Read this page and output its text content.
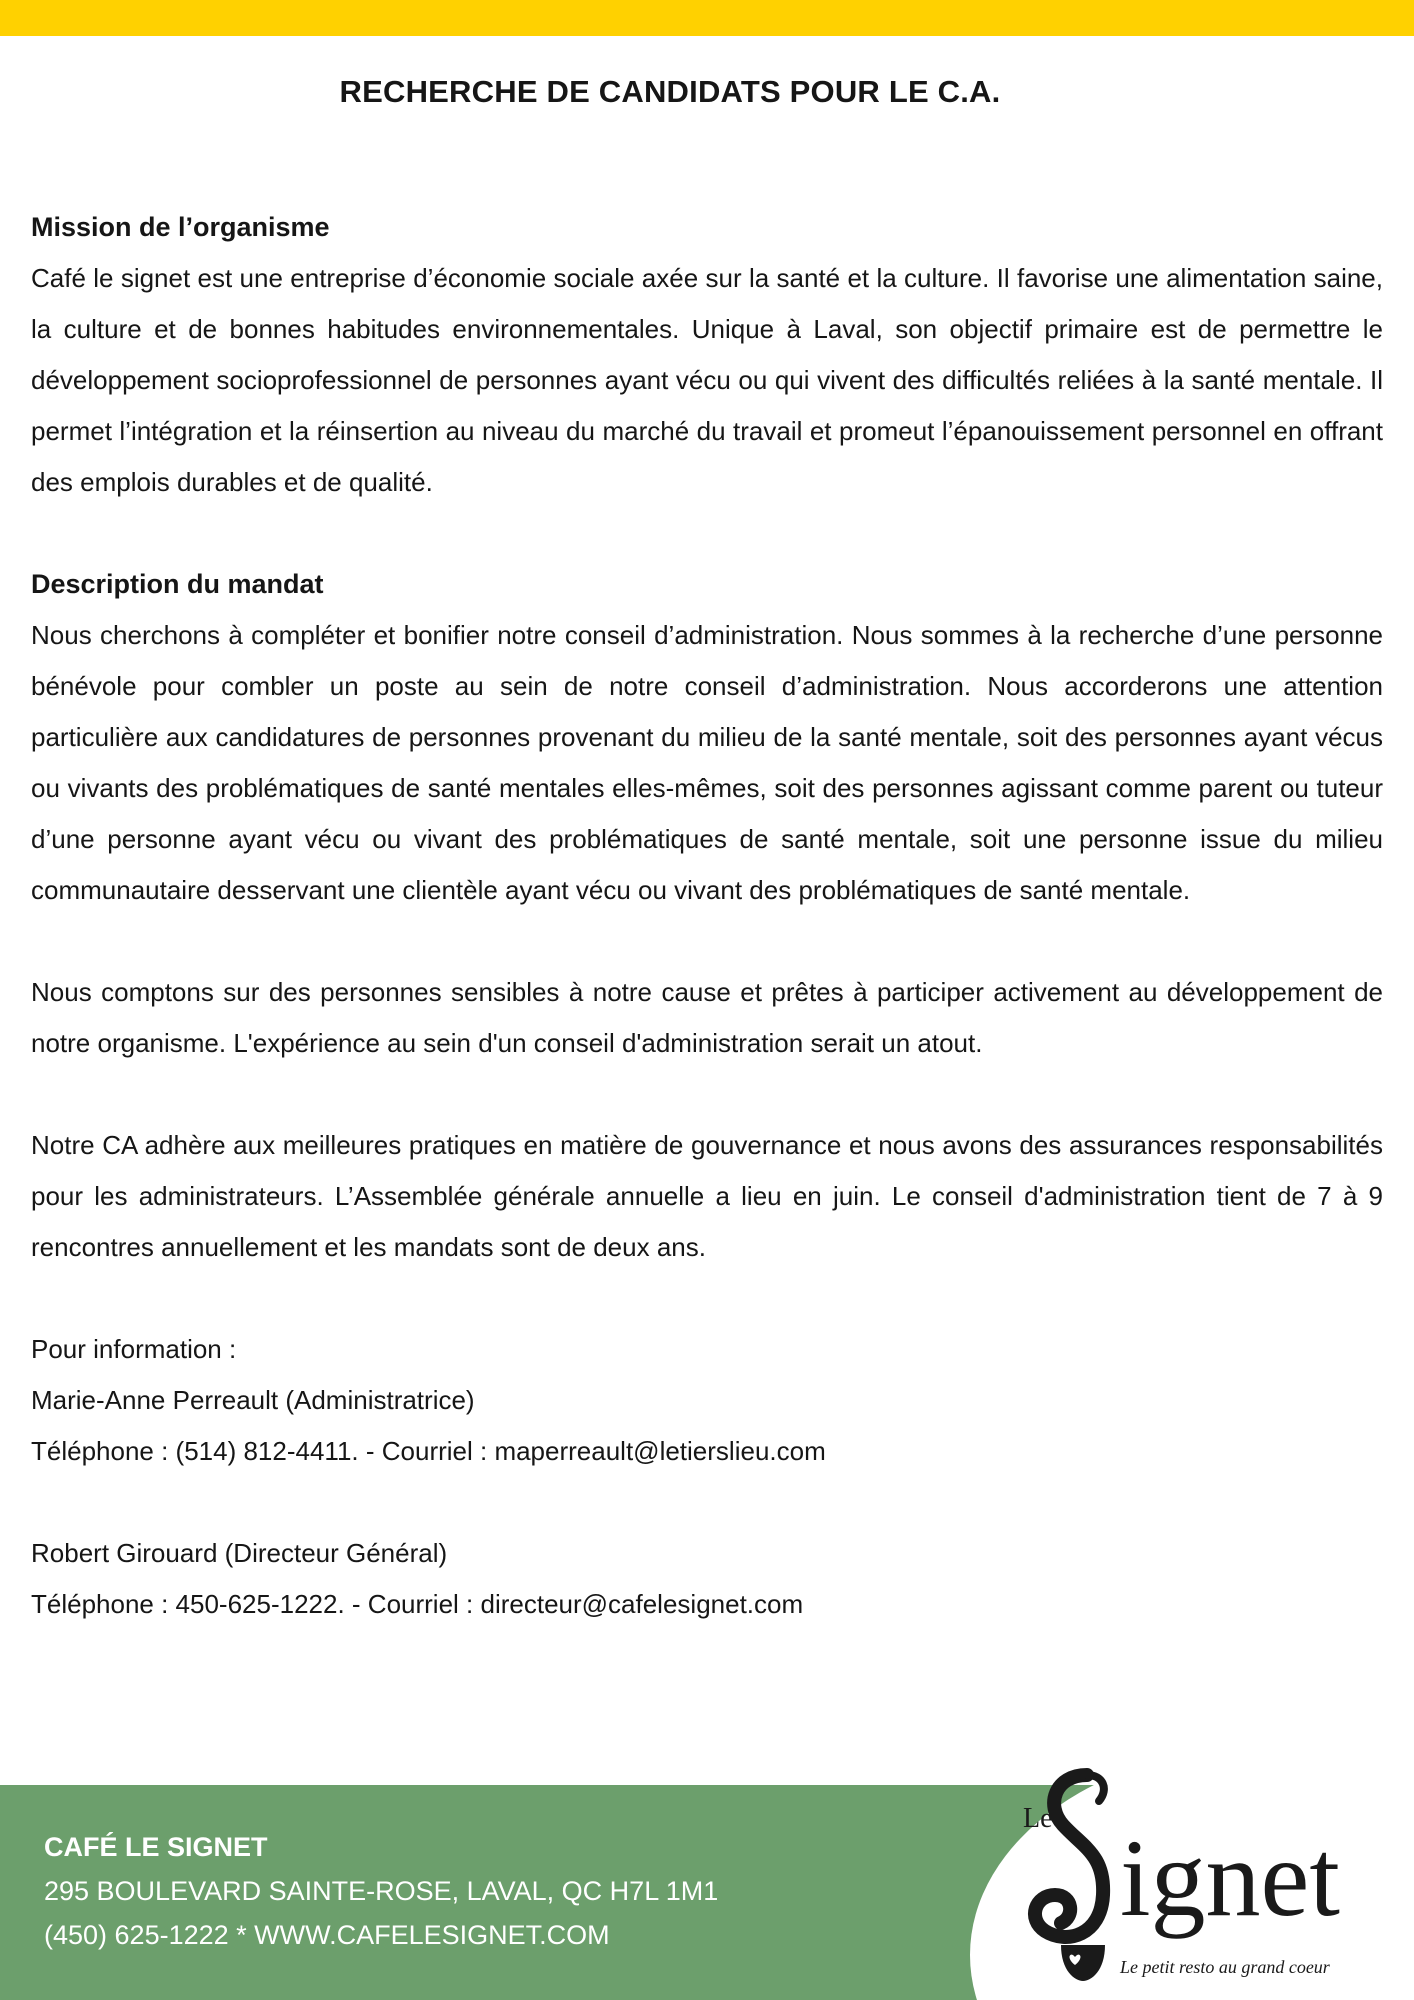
RECHERCHE DE CANDIDATS POUR LE C.A.
Mission de l’organisme

Café le signet est une entreprise d’économie sociale axée sur la santé et la culture. Il favorise une alimentation saine, la culture et de bonnes habitudes environnementales. Unique à Laval, son objectif primaire est de permettre le développement socioprofessionnel de personnes ayant vécu ou qui vivent des difficultés reliées à la santé mentale. Il permet l’intégration et la réinsertion au niveau du marché du travail et promeut l’épanouissement personnel en offrant des emplois durables et de qualité.

Description du mandat

Nous cherchons à compléter et bonifier notre conseil d’administration. Nous sommes à la recherche d’une personne bénévole pour combler un poste au sein de notre conseil d’administration. Nous accorderons une attention particulière aux candidatures de personnes provenant du milieu de la santé mentale, soit des personnes ayant vécus ou vivants des problématiques de santé mentales elles-mêmes, soit des personnes agissant comme parent ou tuteur d’une personne ayant vécu ou vivant des problématiques de santé mentale, soit une personne issue du milieu communautaire desservant une clientèle ayant vécu ou vivant des problématiques de santé mentale.

Nous comptons sur des personnes sensibles à notre cause et prêtes à participer activement au développement de notre organisme. L'expérience au sein d'un conseil d'administration serait un atout.

Notre CA adhère aux meilleures pratiques en matière de gouvernance et nous avons des assurances responsabilités pour les administrateurs. L’Assemblée générale annuelle a lieu en juin. Le conseil d'administration tient de 7 à 9 rencontres annuellement et les mandats sont de deux ans.

Pour information :

Marie-Anne Perreault (Administratrice)

Téléphone : (514) 812-4411. - Courriel : maperreault@letierslieu.com

Robert Girouard (Directeur Général)

Téléphone : 450-625-1222. - Courriel : directeur@cafelesignet.com

CAFÉ LE SIGNET
295 BOULEVARD SAINTE-ROSE, LAVAL, QC H7L 1M1
(450) 625-1222 * WWW.CAFELESIGNET.COM
Le ignet
Le petit resto au grand coeur
